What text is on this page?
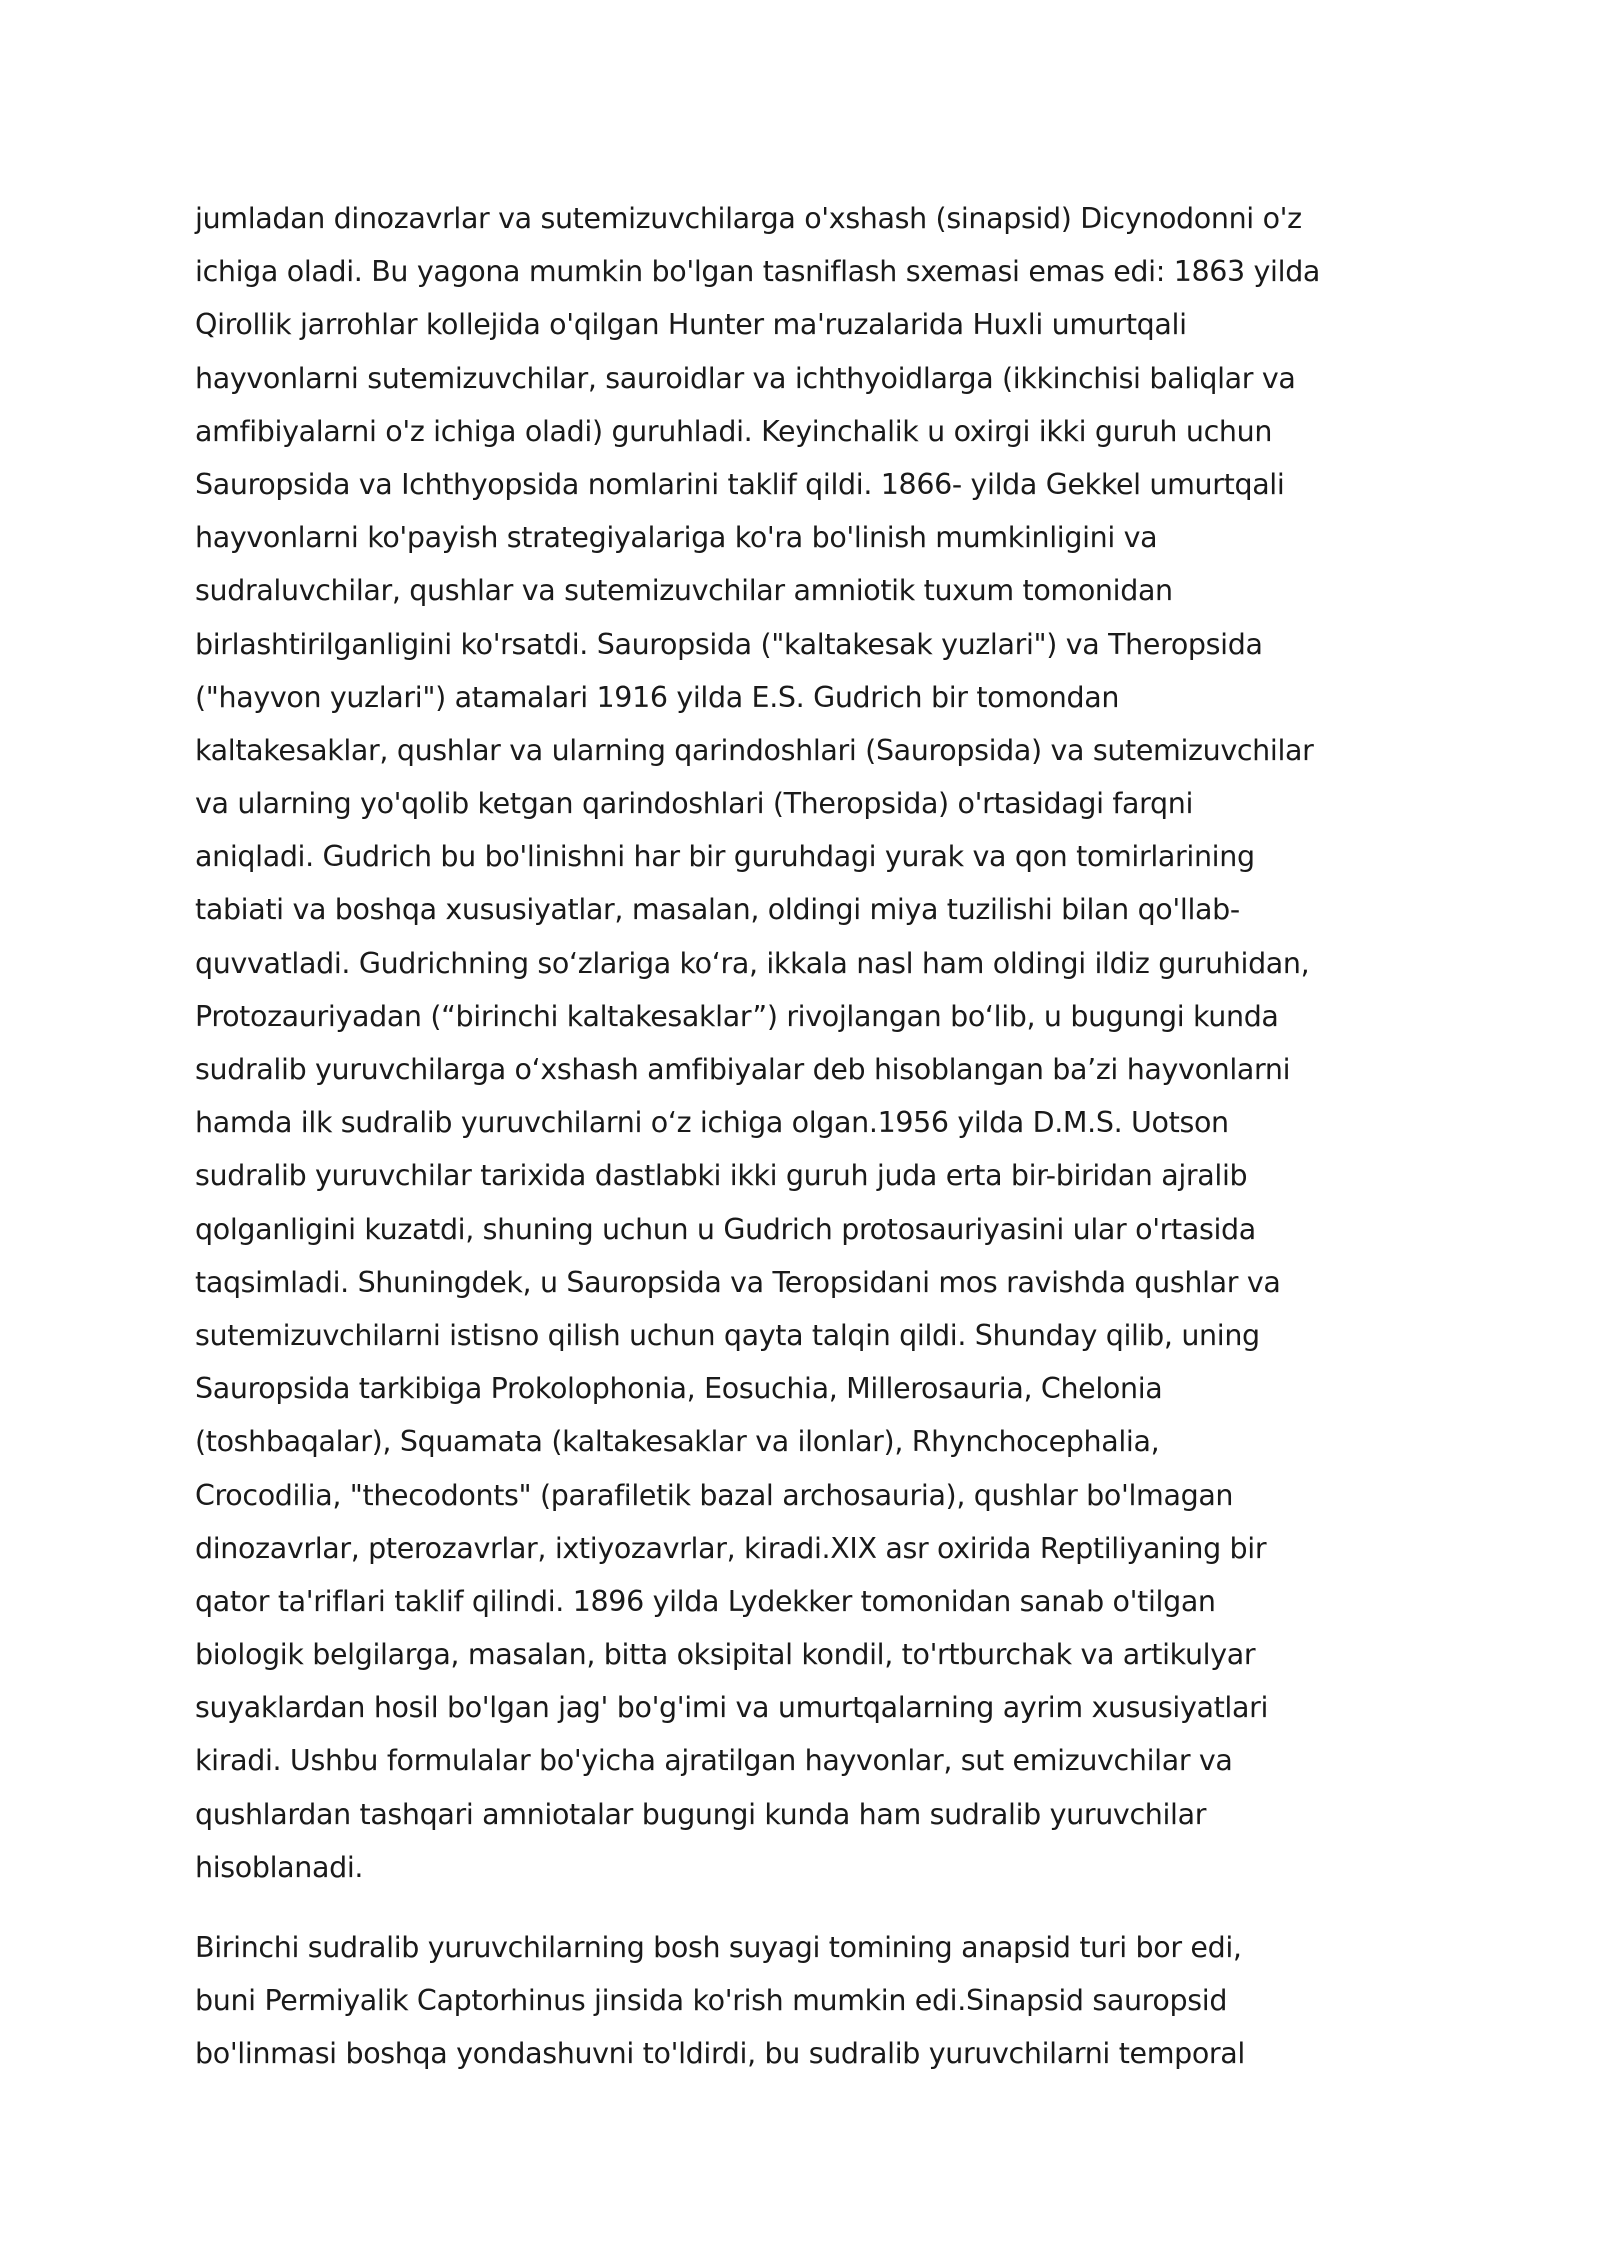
jumladan dinozavrlar va sutemizuvchilarga o'xshash (sinapsid) Dicynodonni o'z
ichiga oladi. Bu yagona mumkin bo'lgan tasniflash sxemasi emas edi: 1863 yilda
Qirollik jarrohlar kollejida o'qilgan Hunter ma'ruzalarida Huxli umurtqali
hayvonlarni sutemizuvchilar, sauroidlar va ichthyoidlarga (ikkinchisi baliqlar va
amfibiyalarni o'z ichiga oladi) guruhladi. Keyinchalik u oxirgi ikki guruh uchun
Sauropsida va Ichthyopsida nomlarini taklif qildi. 1866- yilda Gekkel umurtqali
hayvonlarni ko'payish strategiyalariga ko'ra bo'linish mumkinligini va
sudraluvchilar, qushlar va sutemizuvchilar amniotik tuxum tomonidan
birlashtirilganligini ko'rsatdi. Sauropsida ("kaltakesak yuzlari") va Theropsida
("hayvon yuzlari") atamalari 1916 yilda E.S. Gudrich bir tomondan
kaltakesaklar, qushlar va ularning qarindoshlari (Sauropsida) va sutemizuvchilar
va ularning yo'qolib ketgan qarindoshlari (Theropsida) o'rtasidagi farqni
aniqladi. Gudrich bu bo'linishni har bir guruhdagi yurak va qon tomirlarining
tabiati va boshqa xususiyatlar, masalan, oldingi miya tuzilishi bilan qo'llab-
quvvatladi. Gudrichning so‘zlariga ko‘ra, ikkala nasl ham oldingi ildiz guruhidan,
Protozauriyadan (“birinchi kaltakesaklar”) rivojlangan bo‘lib, u bugungi kunda
sudralib yuruvchilarga o‘xshash amfibiyalar deb hisoblangan ba’zi hayvonlarni
hamda ilk sudralib yuruvchilarni o‘z ichiga olgan.1956 yilda D.M.S. Uotson
sudralib yuruvchilar tarixida dastlabki ikki guruh juda erta bir-biridan ajralib
qolganligini kuzatdi, shuning uchun u Gudrich protosauriyasini ular o'rtasida
taqsimladi. Shuningdek, u Sauropsida va Teropsidani mos ravishda qushlar va
sutemizuvchilarni istisno qilish uchun qayta talqin qildi. Shunday qilib, uning
Sauropsida tarkibiga Prokolophonia, Eosuchia, Millerosauria, Chelonia
(toshbaqalar), Squamata (kaltakesaklar va ilonlar), Rhynchocephalia,
Crocodilia, "thecodonts" (parafiletik bazal archosauria), qushlar bo'lmagan
dinozavrlar, pterozavrlar, ixtiyozavrlar, kiradi.XIX asr oxirida Reptiliyaning bir
qator ta'riflari taklif qilindi. 1896 yilda Lydekker tomonidan sanab o'tilgan
biologik belgilarga, masalan, bitta oksipital kondil, to'rtburchak va artikulyar
suyaklardan hosil bo'lgan jag' bo'g'imi va umurtqalarning ayrim xususiyatlari
kiradi. Ushbu formulalar bo'yicha ajratilgan hayvonlar, sut emizuvchilar va
qushlardan tashqari amniotalar bugungi kunda ham sudralib yuruvchilar
hisoblanadi.
Birinchi sudralib yuruvchilarning bosh suyagi tomining anapsid turi bor edi,
buni Permiyalik Captorhinus jinsida ko'rish mumkin edi.Sinapsid sauropsid
bo'linmasi boshqa yondashuvni to'ldirdi, bu sudralib yuruvchilarni temporal
